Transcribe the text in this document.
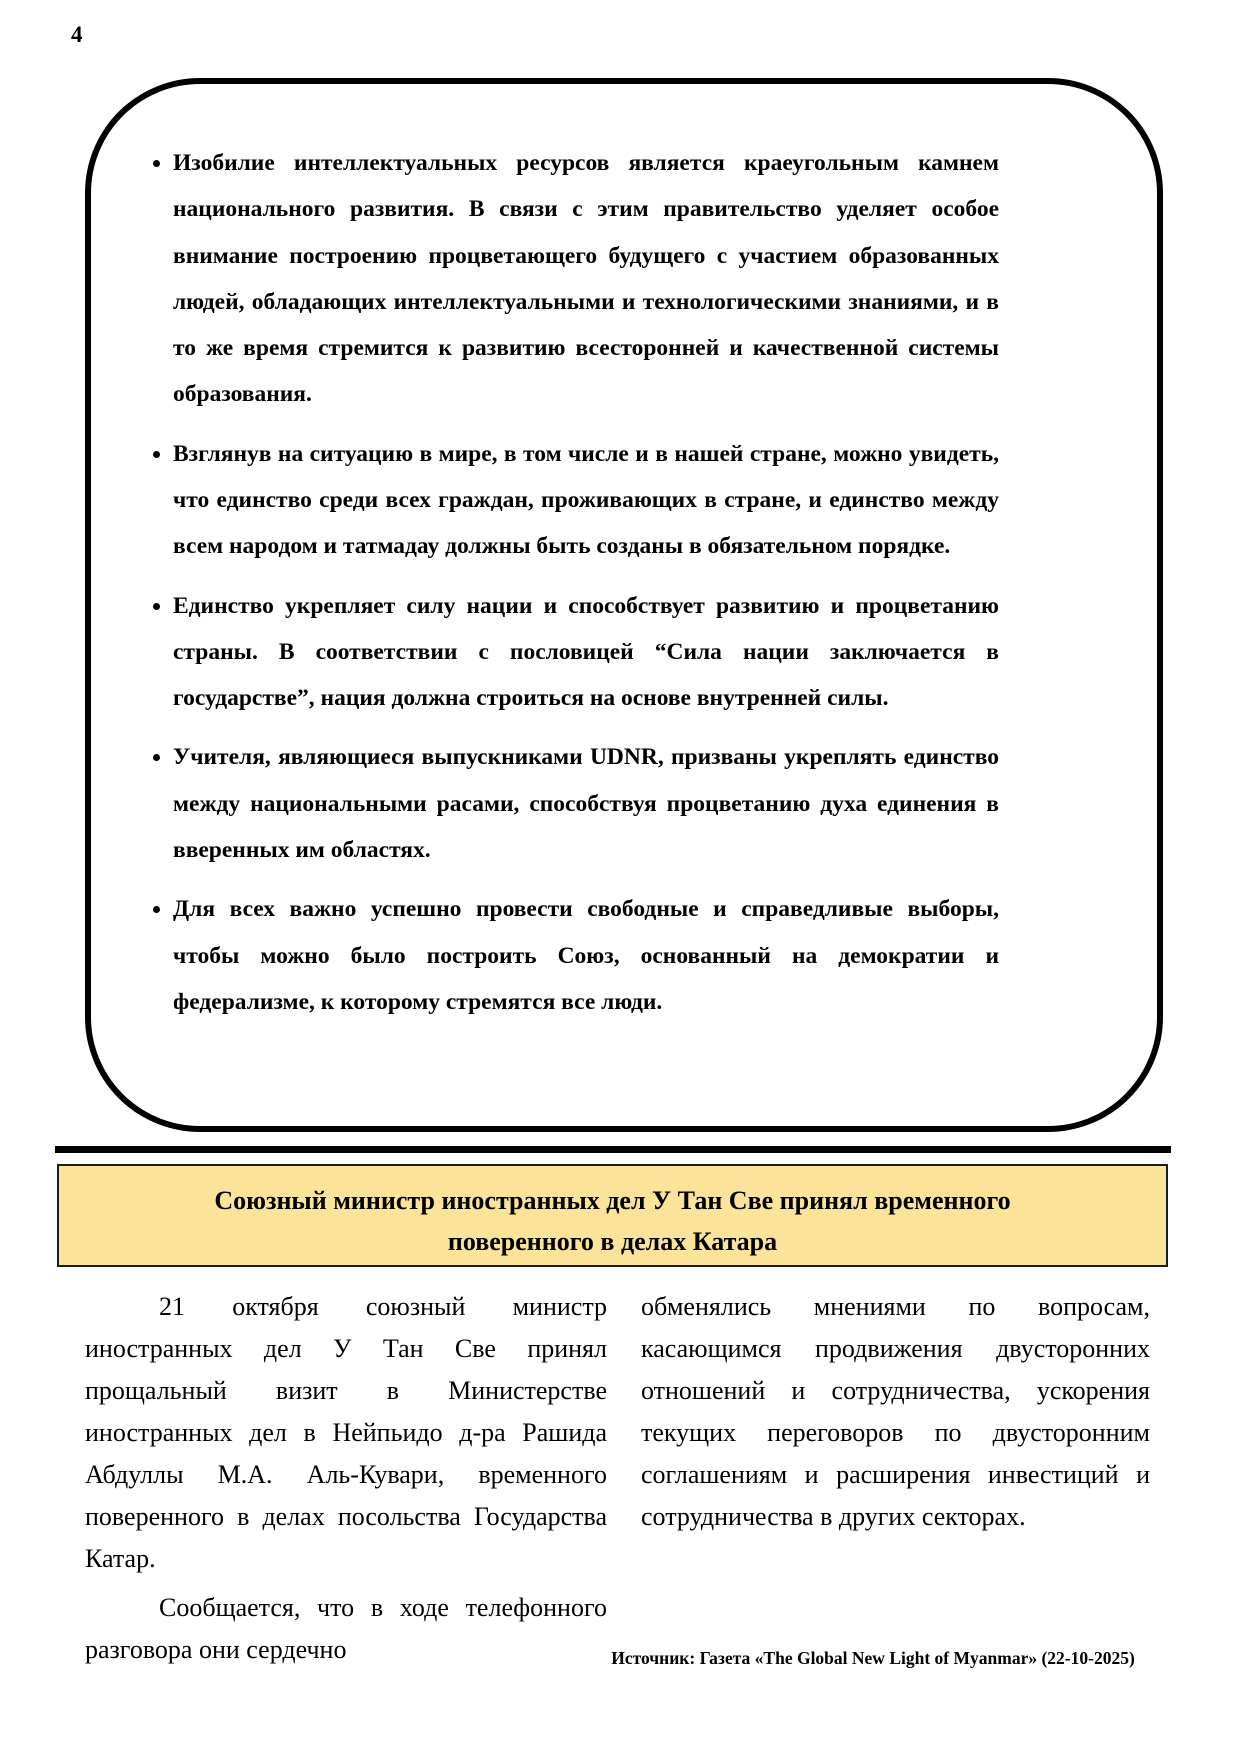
4
• Изобилие интеллектуальных ресурсов является краеугольным камнем национального развития. В связи с этим правительство уделяет особое внимание построению процветающего будущего с участием образованных людей, обладающих интеллектуальными и технологическими знаниями, и в то же время стремится к развитию всесторонней и качественной системы образования.
• Взглянув на ситуацию в мире, в том числе и в нашей стране, можно увидеть, что единство среди всех граждан, проживающих в стране, и единство между всем народом и татмадау должны быть созданы в обязательном порядке.
• Единство укрепляет силу нации и способствует развитию и процветанию страны. В соответствии с пословицей “Сила нации заключается в государстве”, нация должна строиться на основе внутренней силы.
• Учителя, являющиеся выпускниками UDNR, призваны укреплять единство между национальными расами, способствуя процветанию духа единения в вверенных им областях.
• Для всех важно успешно провести свободные и справедливые выборы, чтобы можно было построить Союз, основанный на демократии и федерализме, к которому стремятся все люди.
Союзный министр иностранных дел У Тан Све принял временного
поверенного в делах Катара

21 октября союзный министр иностранных дел У Тан Све принял прощальный визит в Министерстве иностранных дел в Нейпьидо д-ра Рашида Абдуллы М.А. Аль-Кувари, временного поверенного в делах посольства Государства Катар.

Сообщается, что в ходе телефонного разговора они сердечно

обменялись мнениями по вопросам, касающимся продвижения двусторонних отношений и сотрудничества, ускорения текущих переговоров по двусторонним соглашениям и расширения инвестиций и сотрудничества в других секторах.

Источник: Газета «The Global New Light of Myanmar» (22-10-2025)
